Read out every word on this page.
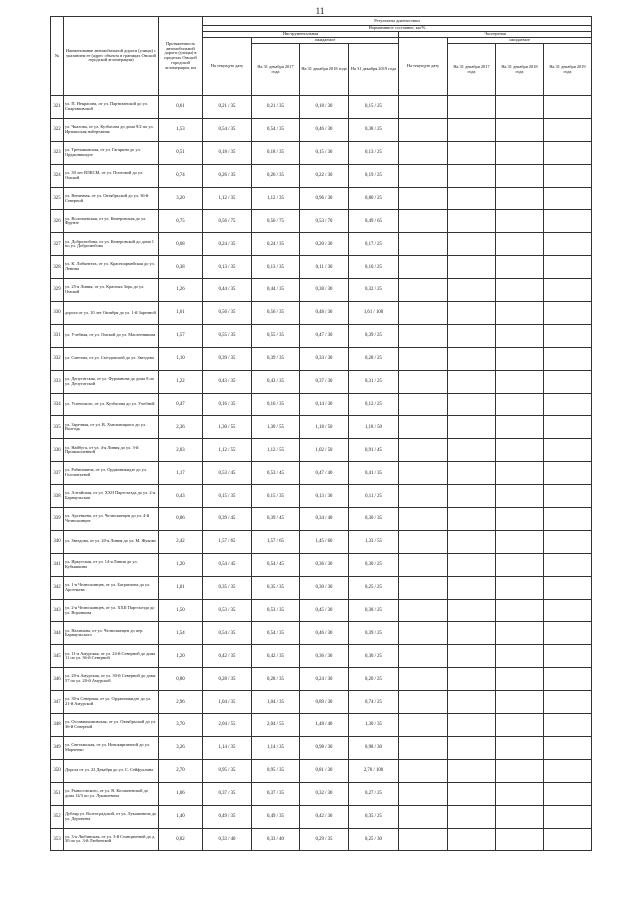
11
№	Наименование автомобильной дороги (улицы) с указанием ее (адрес объекта в границах Омской городской агломерации)	Протяженность автомобильной дороги (улицы) в пределах Омской городской агломерации, км	Результаты диагностики							
			Нормативное состояние, км/%							
			Инструментальная				Экспертная			
			На текущую дату	ожидаемое			На текущую дату	ожидаемое		
				На 31 декабря 2017 года	На 31 декабря 2018 года	На 31 декабря 2019 года		На 31 декабря 2017 года	На 31 декабря 2018 года	На 31 декабря 2019 года
321	ул. П. Некрасова, от ул. Партизанской до ул. Спартаковской	0,61	0,21 / 35	0,21 / 35	0,18 / 30	0,15 / 25				
322	ул. Чкалова, от ул. Кузбасова до дома 9/2 по ул. Иртышская набережная	1,53	0,54 / 35	0,54 / 35	0,46 / 30	0,38 / 25				
323	ул. Третьяковская, от ул. Гагарина до ул. Орджоникидзе	0,51	0,18 / 35	0,18 / 35	0,15 / 30	0,13 / 25				
324	ул. 30 лет ВЛКСМ, от ул. Почтовой до ул. Омской	0,74	0,26 / 35	0,26 / 35	0,22 / 30	0,19 / 25				
325	ул. Веничная, от ул. Октябрьской до ул. 36-й Северной	3,20	1,12 / 35	1,12 / 35	0,96 / 30	0,80 / 25				
326	ул. Волочаевская, от ул. Кемеровская до ул. Фрунзе	0,75	0,56 / 75	0,56 / 75	0,53 / 70	0,49 / 65				
327	ул. Добролюбова, от ул. Кемеровской до дома 1 по ул. Добролюбова	0,68	0,24 / 35	0,24 / 35	0,20 / 30	0,17 / 25				
328	ул. К. Либкнехта, от ул. Красноармейская до ул. Ленина	0,38	0,13 / 35	0,13 / 35	0,11 / 30	0,10 / 25				
329	ул. 25-я Линия, от ул. Красных Зорь до ул. Омской	1,26	0,44 / 35	0,44 / 35	0,38 / 30	0,32 / 25				
330	дорога от ул. 10 лет Октября до ул. 1-й Заречной	1,61	0,56 / 35	0,56 / 35	0,48 / 30	1,61 / 100				
331	ул. Учебная, от ул. Омской до ул. Масленникова	1,57	0,55 / 35	0,55 / 35	0,47 / 30	0,39 / 25				
332	ул. Сметова, от ул. Съездовской до ул. Звездова	1,10	0,39 / 35	0,39 / 35	0,33 / 30	0,28 / 25				
333	ул. Депутатская, от ул. Фурманова до дома 8 по ул. Депутатской	1,22	0,43 / 35	0,43 / 35	0,37 / 30	0,31 / 25				
334	ул. Успенского, от ул. Кузбасова до ул. Учебной	0,47	0,16 / 35	0,16 / 35	0,14 / 30	0,12 / 25				
335	ул. Заречная, от ул. В. Хмельницкого до ул. Волгодь	2,36	1,30 / 55	1,30 / 55	1,18 / 50	1,18 / 50				
336	ул. Найбуга, от ул. 4-я Линия до ул. 3-й Промышленной	2,03	1,12 / 55	1,12 / 55	1,02 / 50	0,91 / 45				
337	ул. Рабиновича, от ул. Орджоникидзе до ул. Голопатьевой	1,17	0,53 / 45	0,53 / 45	0,47 / 40	0,41 / 35				
338	ул. Алтайская, от ул. ХХII Партсъезда до ул. 2-я Барнаульская	0,43	0,15 / 35	0,15 / 35	0,13 / 30	0,11 / 25				
339	ул. Арсеньева, от ул. Челюскинцев до ул. 4-й Челюскинцев	0,86	0,39 / 45	0,39 / 45	0,34 / 40	0,30 / 35				
340	ул. Звездова, от ул. 20-я Линия до ул. М. Жукова	2,42	1,57 / 65	1,57 / 65	1,45 / 60	1,33 / 55				
341	ул. Иркутская, от ул. 14-я Линия до ул. Кубышкина	1,20	0,54 / 45	0,54 / 45	0,36 / 30	0,30 / 25				
342	ул. 1-я Челюскинцев, от ул. Багратиона до ул. Арсеньева	1,01	0,35 / 35	0,35 / 35	0,30 / 30	0,25 / 25				
343	ул. 2-я Челюскинцев, от ул. ХХII Партсъезда до ул. Воронкова	1,50	0,53 / 35	0,53 / 35	0,45 / 30	0,38 / 25				
344	ул. Нахимова, от ул. Челюскинцев до пер. Барнаульского	1,54	0,54 / 35	0,54 / 35	0,46 / 30	0,39 / 25				
345	ул. 11-я Амурская, от ул. 24-й Северной до дома 11 по ул. 36-й Северной	1,20	0,42 / 35	0,42 / 35	0,36 / 30	0,30 / 25				
346	ул. 20-я Амурская, от ул. 30-й Северной до дома 57 по ул. 20-й Амурской	0,80	0,28 / 35	0,28 / 35	0,24 / 30	0,20 / 25				
347	ул. 30-я Северная, от ул. Орджоникидзе до ул. 21-й Амурской	2,96	1,04 / 35	1,04 / 35	0,89 / 30	0,74 / 25				
348	ул. Осоавиахимовская, от ул. Октябрьской до ул. 36-й Северной	3,70	2,04 / 55	2,04 / 55	1,48 / 40	1,30 / 35				
349	ул. Светлакская, от ул. Новокирпичной до ул. Марченко	3,26	1,14 / 35	1,14 / 35	0,98 / 30	0,98 / 30				
350	Дорога от ул. 22 Декабря до ул. С. Сейфуллина	2,70	0,95 / 35	0,95 / 35	0,81 / 30	2,70 / 100				
351	ул. Рыносовского, от ул. В. Космачевской до дома 14/3 по ул. Лукашевича	1,06	0,37 / 35	0,37 / 35	0,32 / 30	0,27 / 25				
352	Дубляр ул. Волгоградской, от ул. Лукашевича до ул. Дергачева	1,40	0,49 / 35	0,49 / 35	0,42 / 30	0,35 / 25				
353	ул. 3-я Любинская, от ул. 3-й Станционной до д. 30 по ул. 3-й Любинской	0,82	0,33 / 40	0,33 / 40	0,29 / 35	0,25 / 30				
